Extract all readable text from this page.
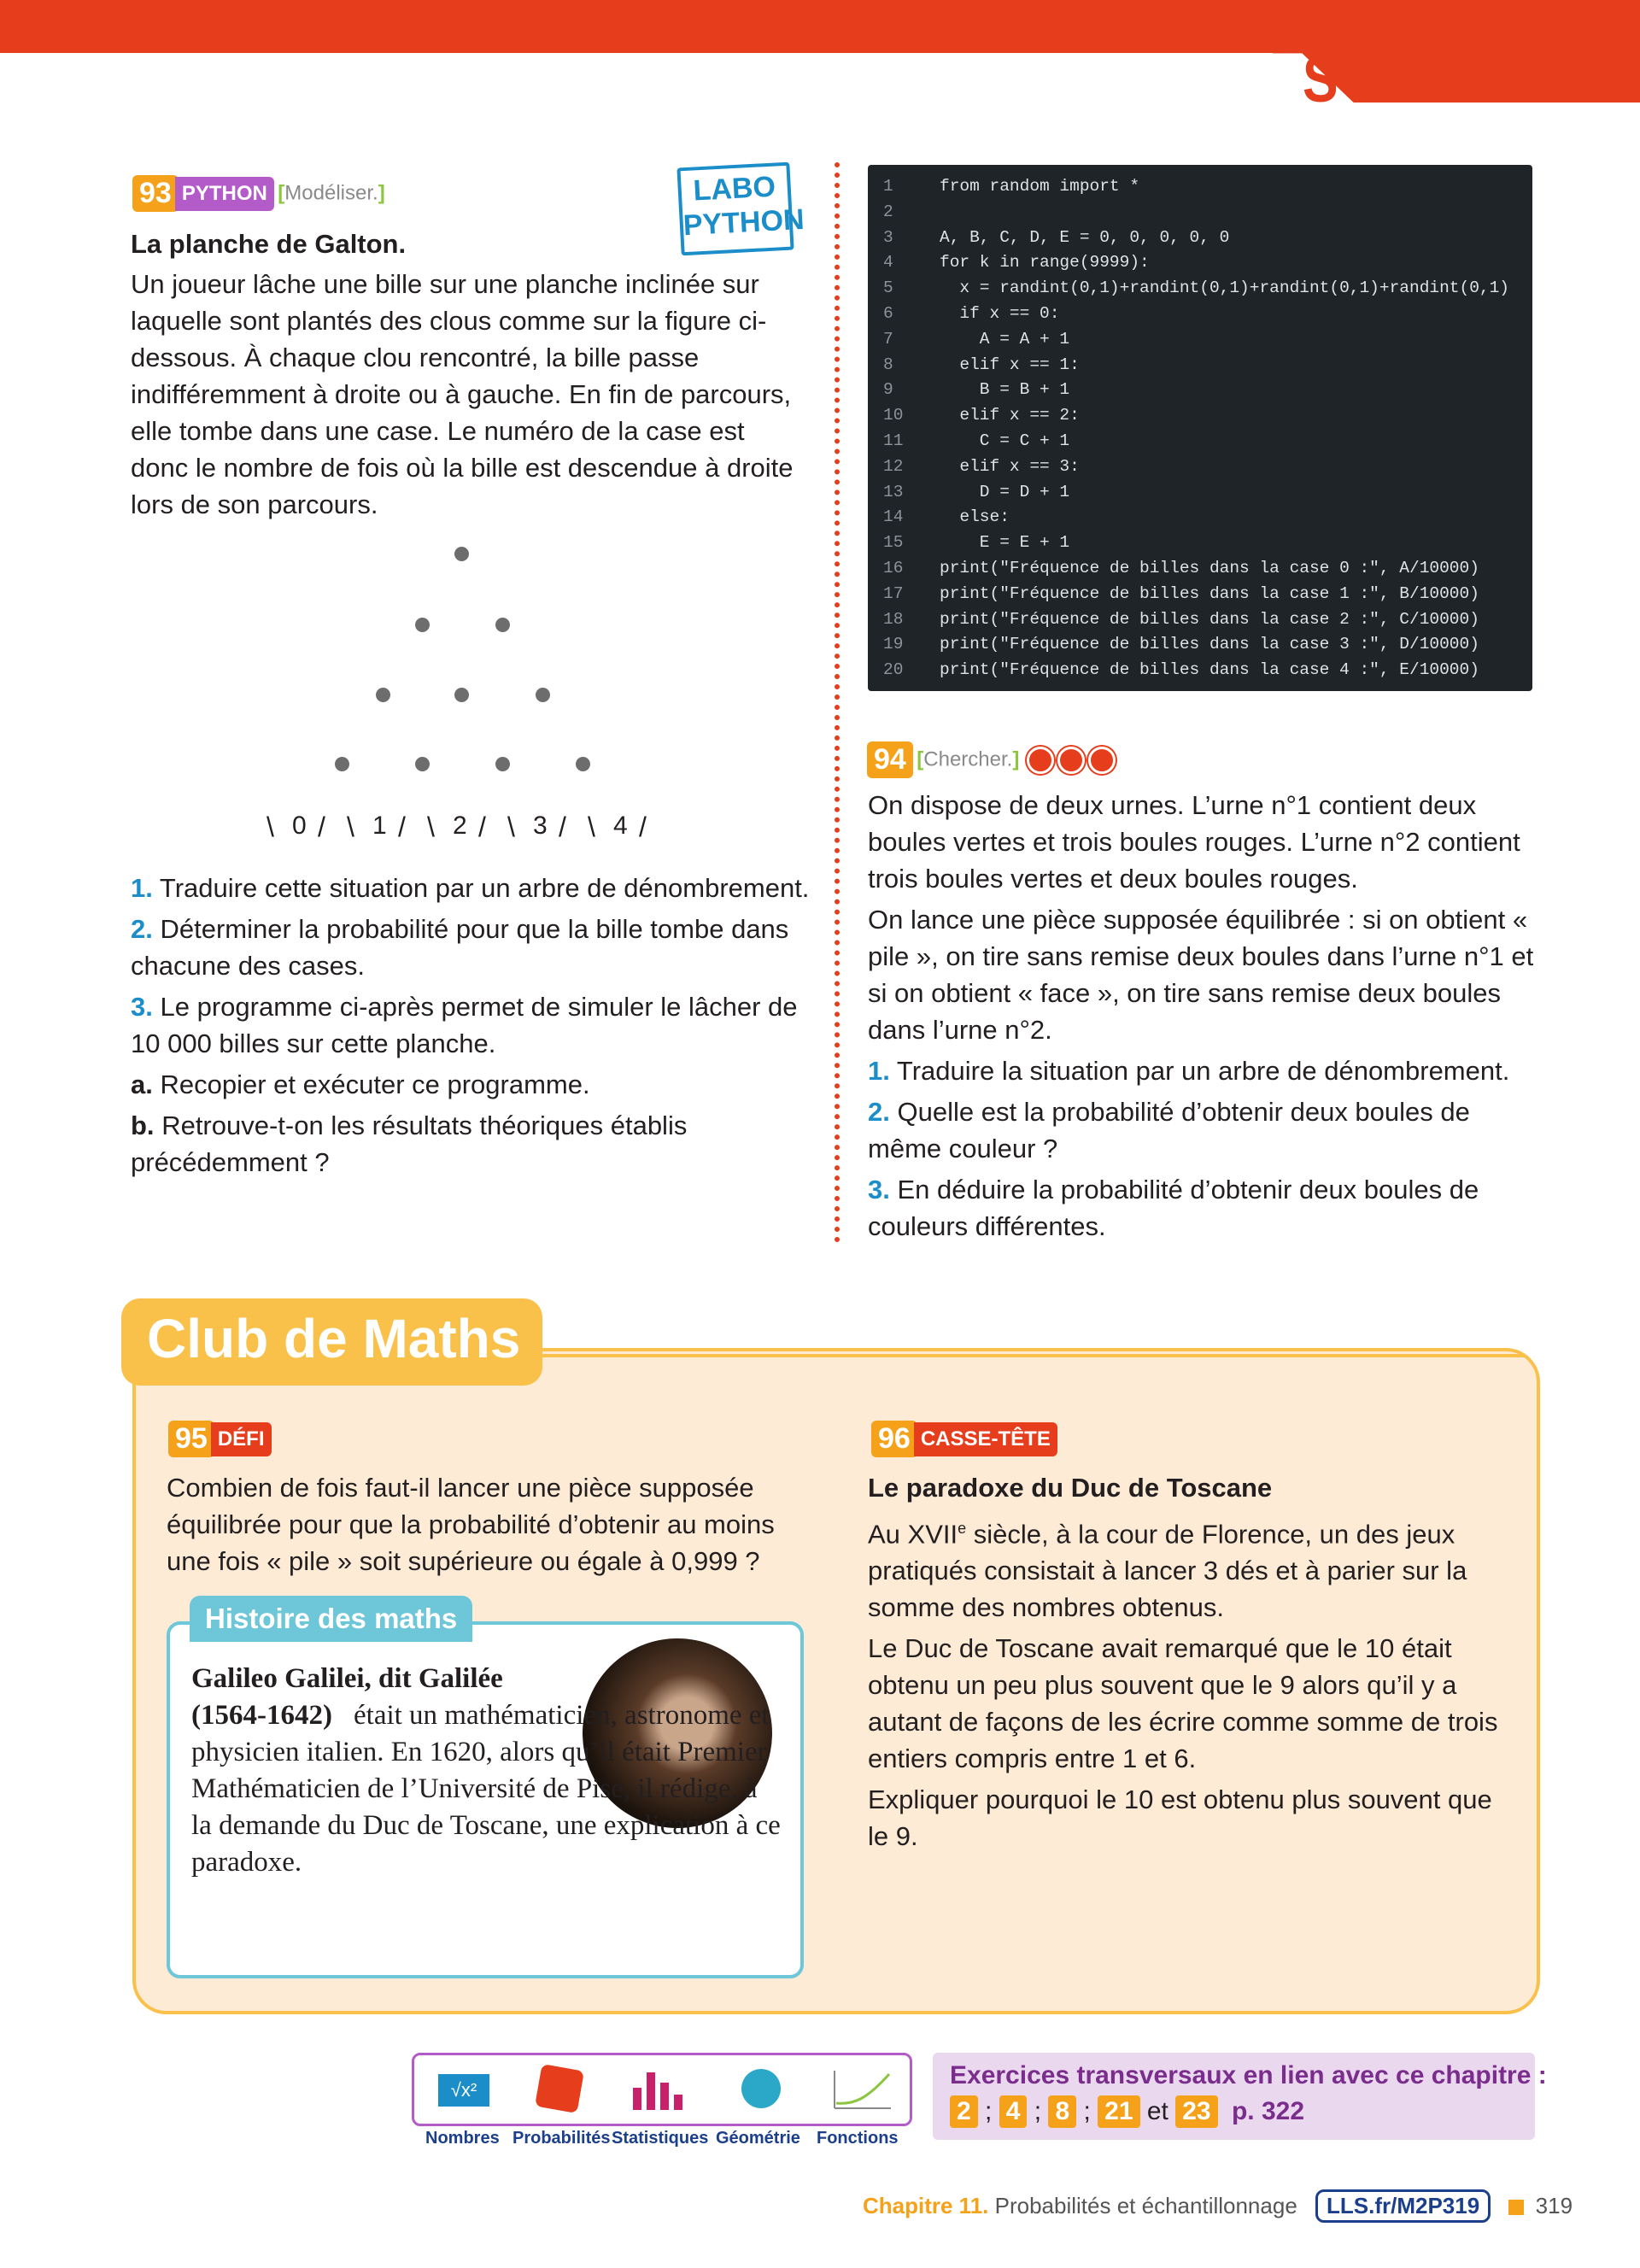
SYNTHÈSE
93 PYTHON [Modéliser.]	LABO
PYTHON
La planche de Galton.
Un joueur lâche une bille sur une planche inclinée sur laquelle sont plantés des clous comme sur la figure ci-dessous. À chaque clou rencontré, la bille passe indifféremment à droite ou à gauche. En fin de parcours, elle tombe dans une case. Le numéro de la case est donc le nombre de fois où la bille est descendue à droite lors de son parcours.
\ 0 / \ 1 / \ 2 / \ 3 / \ 4 /

1. Traduire cette situation par un arbre de dénombrement.

2. Déterminer la probabilité pour que la bille tombe dans chacune des cases.

3. Le programme ci-après permet de simuler le lâcher de 10 000 billes sur cette planche.

a. Recopier et exécuter ce programme.

b. Retrouve-t-on les résultats théoriques établis précédemment ?

1	from random import *
2
3	A, B, C, D, E = 0, 0, 0, 0, 0
4	for k in range(9999):
5	x = randint(0,1)+randint(0,1)+randint(0,1)+randint(0,1)
6	if x == 0:
7	A = A + 1
8	elif x == 1:
9	B = B + 1
10	elif x == 2:
11	C = C + 1
12	elif x == 3:
13	D = D + 1
14	else:
15	E = E + 1
16	print("Fréquence de billes dans la case 0 :", A/10000)
17	print("Fréquence de billes dans la case 1 :", B/10000)
18	print("Fréquence de billes dans la case 2 :", C/10000)
19	print("Fréquence de billes dans la case 3 :", D/10000)
20	print("Fréquence de billes dans la case 4 :", E/10000)
94 [Chercher.]

On dispose de deux urnes. L’urne n°1 contient deux boules vertes et trois boules rouges. L’urne n°2 contient trois boules vertes et deux boules rouges.

On lance une pièce supposée équilibrée : si on obtient « pile », on tire sans remise deux boules dans l’urne n°1 et si on obtient « face », on tire sans remise deux boules dans l’urne n°2.

1. Traduire la situation par un arbre de dénombrement.

2. Quelle est la probabilité d’obtenir deux boules de même couleur ?

3. En déduire la probabilité d’obtenir deux boules de couleurs différentes.

Club de Maths
95 DÉFI
Combien de fois faut-il lancer une pièce supposée équilibrée pour que la probabilité d’obtenir au moins une fois « pile » soit supérieure ou égale à 0,999 ?
Histoire des maths
Galileo Galilei, dit Galilée
(1564-1642) était un mathématicien, astronome et physicien italien. En 1620, alors qu’il était Premier Mathématicien de l’Université de Pise, il rédige, à la demande du Duc de Toscane, une explication à ce paradoxe.
96 CASSE-TÊTE

Le paradoxe du Duc de Toscane

Au XVIIe siècle, à la cour de Florence, un des jeux pratiqués consistait à lancer 3 dés et à parier sur la somme des nombres obtenus.

Le Duc de Toscane avait remarqué que le 10 était obtenu un peu plus souvent que le 9 alors qu’il y a autant de façons de les écrire comme somme de trois entiers compris entre 1 et 6.

Expliquer pourquoi le 10 est obtenu plus souvent que le 9.

√x²
Nombres Probabilités Statistiques Géométrie Fonctions
Exercices transversaux en lien avec ce chapitre :
2 ; 4 ; 8 ; 21 et 23 p. 322
Chapitre 11. Probabilités et échantillonnage LLS.fr/M2P319	319
